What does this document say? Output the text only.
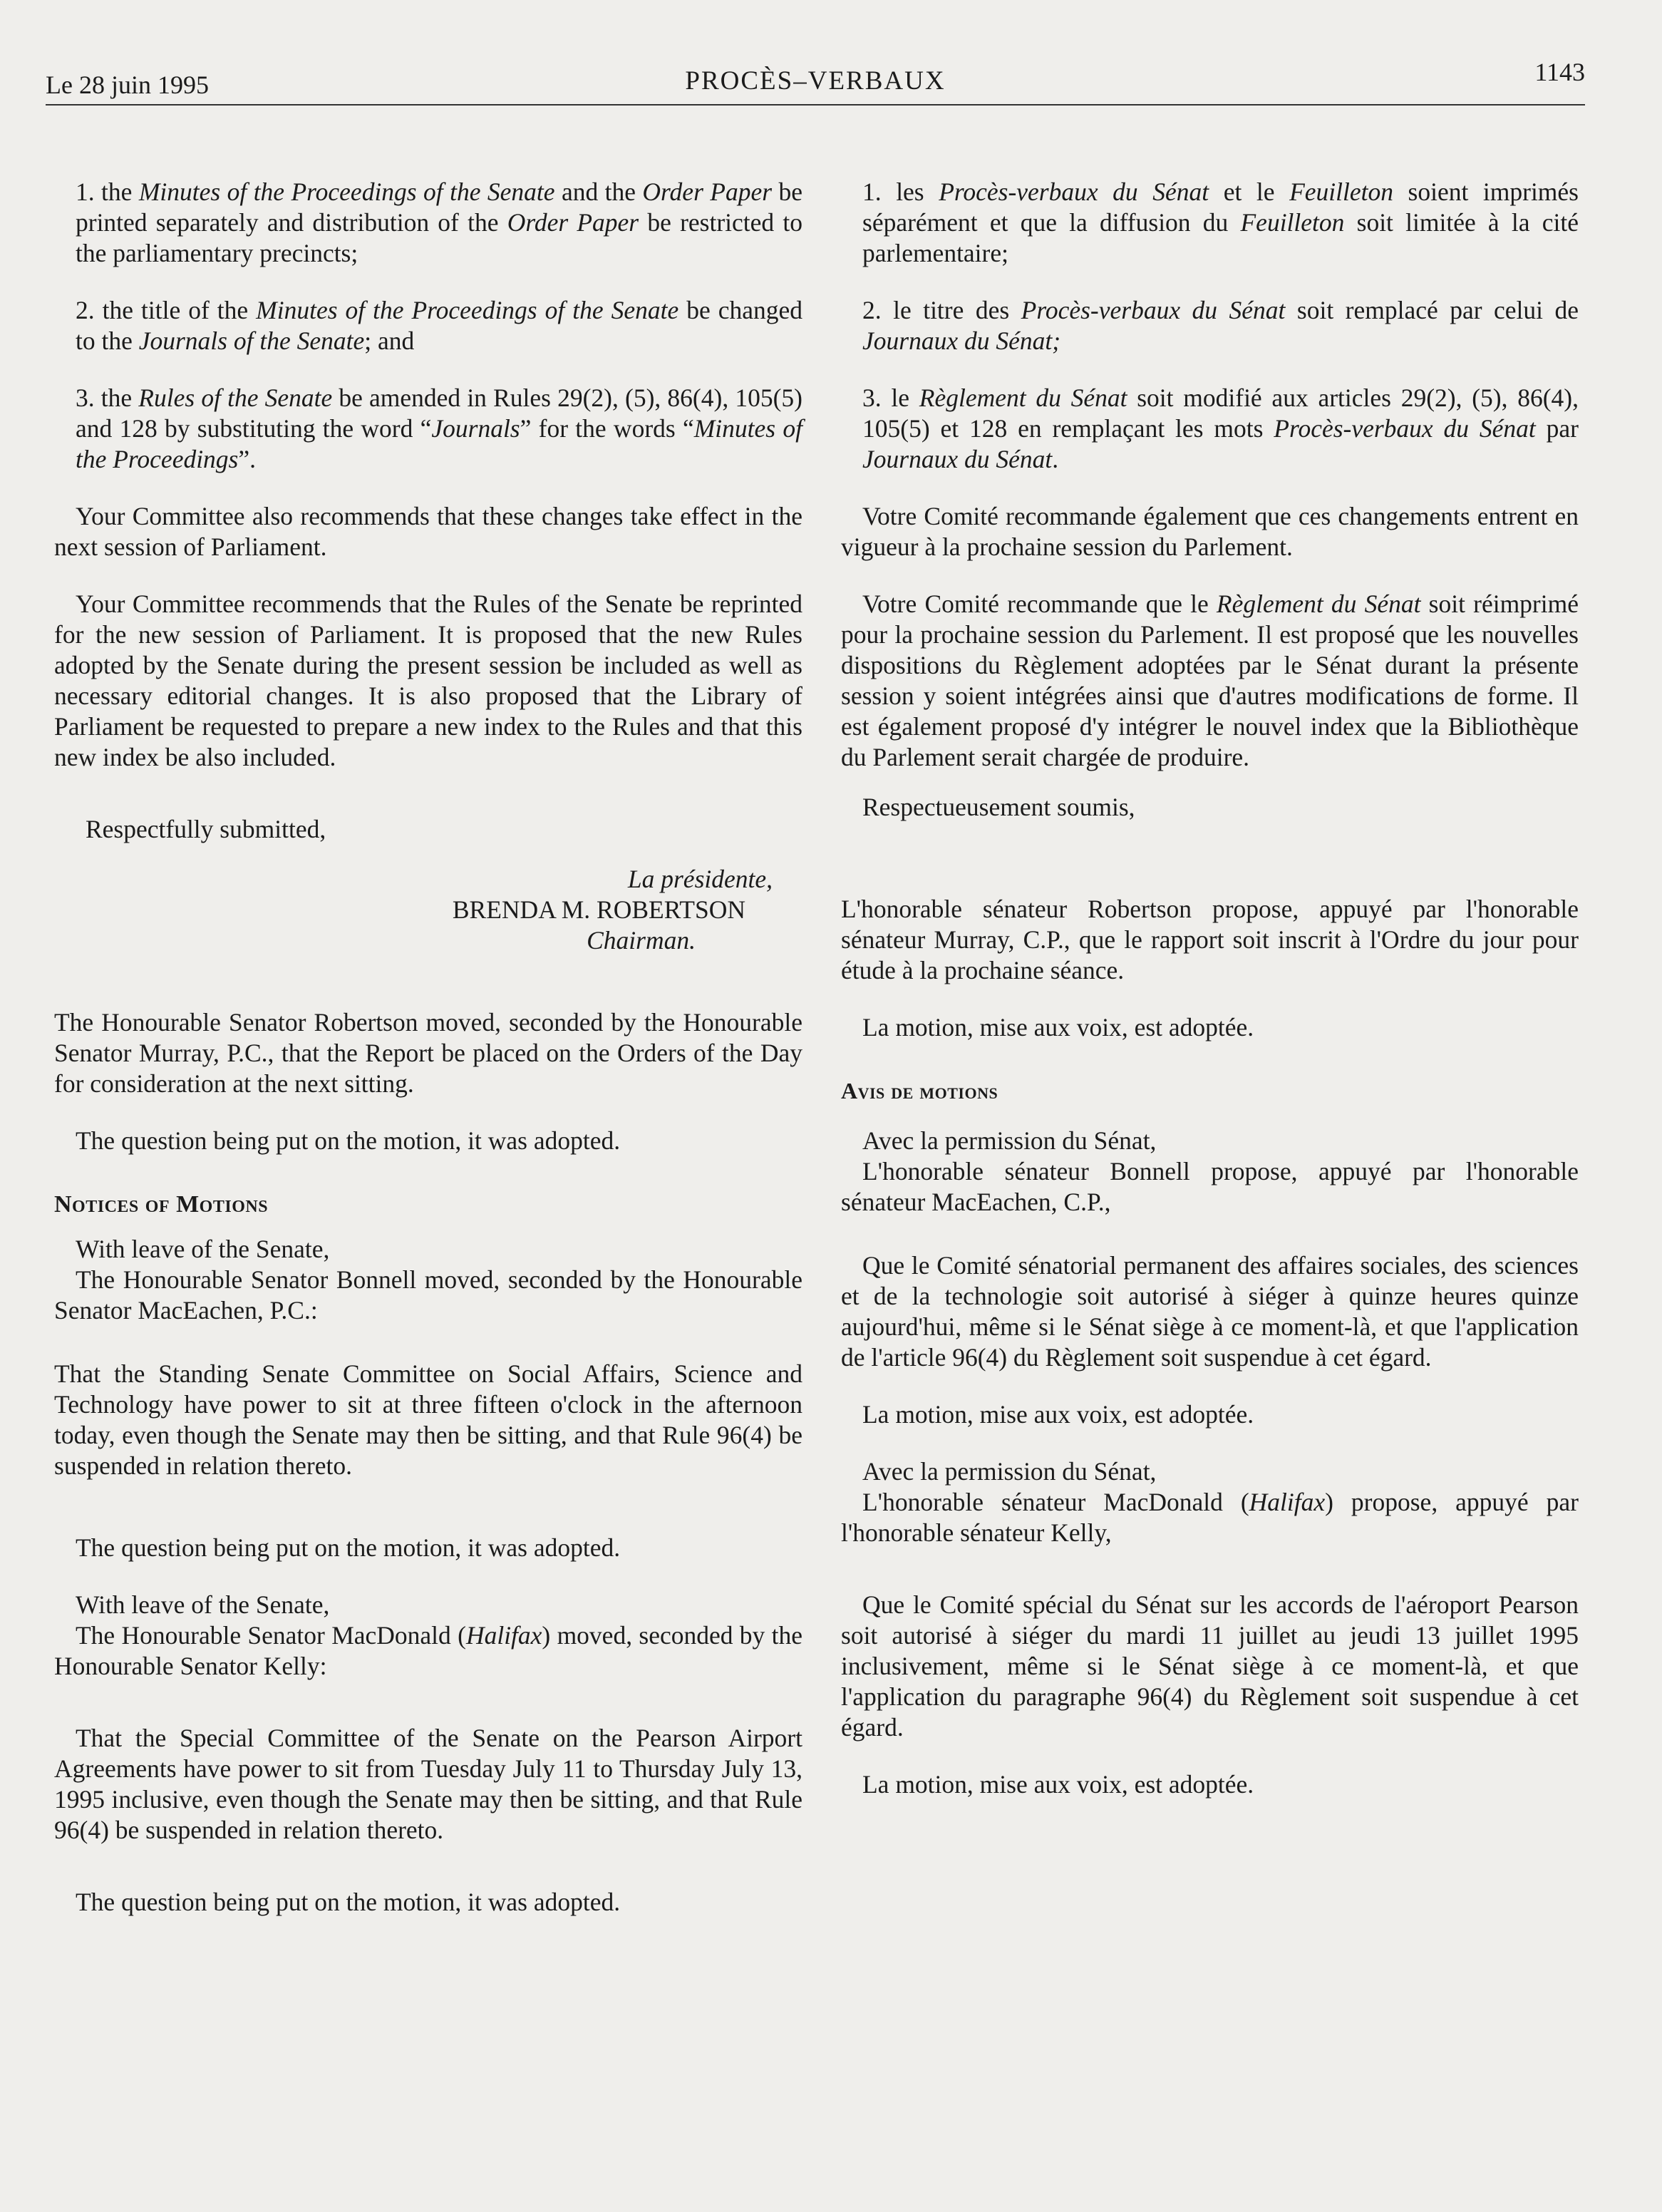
Le 28 juin 1995	PROCÈS–VERBAUX	1143

1. the Minutes of the Proceedings of the Senate and the Order Paper be printed separately and distribution of the Order Paper be restricted to the parliamentary precincts;

2. the title of the Minutes of the Proceedings of the Senate be changed to the Journals of the Senate; and

3. the Rules of the Senate be amended in Rules 29(2), (5), 86(4), 105(5) and 128 by substituting the word “Journals” for the words “Minutes of the Proceedings”.

Your Committee also recommends that these changes take effect in the next session of Parliament.

Your Committee recommends that the Rules of the Senate be reprinted for the new session of Parliament. It is proposed that the new Rules adopted by the Senate during the present session be included as well as necessary editorial changes. It is also proposed that the Library of Parliament be requested to prepare a new index to the Rules and that this new index be also included.

Respectfully submitted,

La présidente,

BRENDA M. ROBERTSON

Chairman.

The Honourable Senator Robertson moved, seconded by the Honourable Senator Murray, P.C., that the Report be placed on the Orders of the Day for consideration at the next sitting.

The question being put on the motion, it was adopted.

Notices of Motions

With leave of the Senate,

The Honourable Senator Bonnell moved, seconded by the Honourable Senator MacEachen, P.C.:

That the Standing Senate Committee on Social Affairs, Science and Technology have power to sit at three fifteen o'clock in the afternoon today, even though the Senate may then be sitting, and that Rule 96(4) be suspended in relation thereto.

The question being put on the motion, it was adopted.

With leave of the Senate,

The Honourable Senator MacDonald (Halifax) moved, seconded by the Honourable Senator Kelly:

That the Special Committee of the Senate on the Pearson Airport Agreements have power to sit from Tuesday July 11 to Thursday July 13, 1995 inclusive, even though the Senate may then be sitting, and that Rule 96(4) be suspended in relation thereto.

The question being put on the motion, it was adopted.

1. les Procès-verbaux du Sénat et le Feuilleton soient imprimés séparément et que la diffusion du Feuilleton soit limitée à la cité parlementaire;

2. le titre des Procès-verbaux du Sénat soit remplacé par celui de Journaux du Sénat;

3. le Règlement du Sénat soit modifié aux articles 29(2), (5), 86(4), 105(5) et 128 en remplaçant les mots Procès-verbaux du Sénat par Journaux du Sénat.

Votre Comité recommande également que ces changements entrent en vigueur à la prochaine session du Parlement.

Votre Comité recommande que le Règlement du Sénat soit réimprimé pour la prochaine session du Parlement. Il est proposé que les nouvelles dispositions du Règlement adoptées par le Sénat durant la présente session y soient intégrées ainsi que d'autres modifications de forme. Il est également proposé d'y intégrer le nouvel index que la Bibliothèque du Parlement serait chargée de produire.

Respectueusement soumis,

L'honorable sénateur Robertson propose, appuyé par l'honorable sénateur Murray, C.P., que le rapport soit inscrit à l'Ordre du jour pour étude à la prochaine séance.

La motion, mise aux voix, est adoptée.

Avis de motions

Avec la permission du Sénat,

L'honorable sénateur Bonnell propose, appuyé par l'honorable sénateur MacEachen, C.P.,

Que le Comité sénatorial permanent des affaires sociales, des sciences et de la technologie soit autorisé à siéger à quinze heures quinze aujourd'hui, même si le Sénat siège à ce moment-là, et que l'application de l'article 96(4) du Règlement soit suspendue à cet égard.

La motion, mise aux voix, est adoptée.

Avec la permission du Sénat,

L'honorable sénateur MacDonald (Halifax) propose, appuyé par l'honorable sénateur Kelly,

Que le Comité spécial du Sénat sur les accords de l'aéroport Pearson soit autorisé à siéger du mardi 11 juillet au jeudi 13 juillet 1995 inclusivement, même si le Sénat siège à ce moment-là, et que l'application du paragraphe 96(4) du Règlement soit suspendue à cet égard.

La motion, mise aux voix, est adoptée.
